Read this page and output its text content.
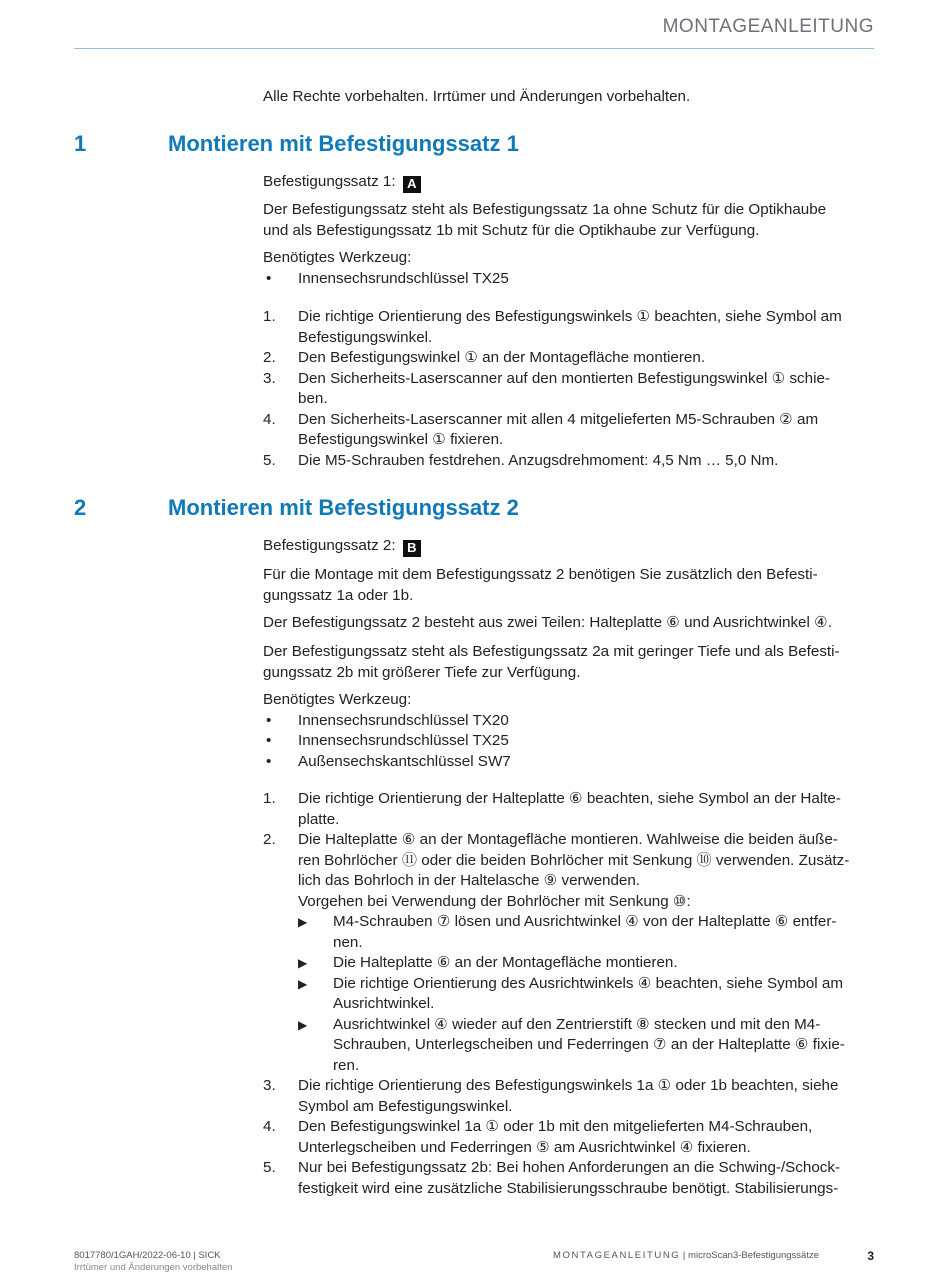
MONTAGEANLEITUNG

Alle Rechte vorbehalten. Irrtümer und Änderungen vorbehalten.

1	Montieren mit Befestigungssatz 1

Befestigungssatz 1: A

Der Befestigungssatz steht als Befestigungssatz 1a ohne Schutz für die Optikhaube
und als Befestigungssatz 1b mit Schutz für die Optikhaube zur Verfügung.
Benötigtes Werkzeug:
• Innensechsrundschlüssel TX25
1. Die richtige Orientierung des Befestigungswinkels ① beachten, siehe Symbol am
Befestigungswinkel.
2. Den Befestigungswinkel ① an der Montagefläche montieren.
3. Den Sicherheits-Laserscanner auf den montierten Befestigungswinkel ① schie-
ben.
4. Den Sicherheits-Laserscanner mit allen 4 mitgelieferten M5-Schrauben ② am
Befestigungswinkel ① fixieren.
5. Die M5-Schrauben festdrehen. Anzugsdrehmoment: 4,5 Nm … 5,0 Nm.
2	Montieren mit Befestigungssatz 2

Befestigungssatz 2: B

Für die Montage mit dem Befestigungssatz 2 benötigen Sie zusätzlich den Befesti-
gungssatz 1a oder 1b.

Der Befestigungssatz 2 besteht aus zwei Teilen: Halteplatte ⑥ und Ausrichtwinkel ④.

Der Befestigungssatz steht als Befestigungssatz 2a mit geringer Tiefe und als Befesti-
gungssatz 2b mit größerer Tiefe zur Verfügung.
Benötigtes Werkzeug:
• Innensechsrundschlüssel TX20
• Innensechsrundschlüssel TX25
• Außensechskantschlüssel SW7
1. Die richtige Orientierung der Halteplatte ⑥ beachten, siehe Symbol an der Halte-
platte.
2. Die Halteplatte ⑥ an der Montagefläche montieren. Wahlweise die beiden äuße-
ren Bohrlöcher ⑪ oder die beiden Bohrlöcher mit Senkung ⑩ verwenden. Zusätz-
lich das Bohrloch in der Haltelasche ⑨ verwenden.
Vorgehen bei Verwendung der Bohrlöcher mit Senkung ⑩:
▶ M4-Schrauben ⑦ lösen und Ausrichtwinkel ④ von der Halteplatte ⑥ entfer-
nen.
▶ Die Halteplatte ⑥ an der Montagefläche montieren.
▶ Die richtige Orientierung des Ausrichtwinkels ④ beachten, siehe Symbol am
Ausrichtwinkel.
▶ Ausrichtwinkel ④ wieder auf den Zentrierstift ⑧ stecken und mit den M4-
Schrauben, Unterlegscheiben und Federringen ⑦ an der Halteplatte ⑥ fixie-
ren.
3. Die richtige Orientierung des Befestigungswinkels 1a ① oder 1b beachten, siehe
Symbol am Befestigungswinkel.
4. Den Befestigungswinkel 1a ① oder 1b mit den mitgelieferten M4-Schrauben,
Unterlegscheiben und Federringen ⑤ am Ausrichtwinkel ④ fixieren.
5. Nur bei Befestigungssatz 2b: Bei hohen Anforderungen an die Schwing-/Schock-
festigkeit wird eine zusätzliche Stabilisierungsschraube benötigt. Stabilisierungs-
8017780/1GAH/2022-06-10 | SICK
Irrtümer und Änderungen vorbehalten
MONTAGEANLEITUNG | microScan3-Befestigungssätze	3
